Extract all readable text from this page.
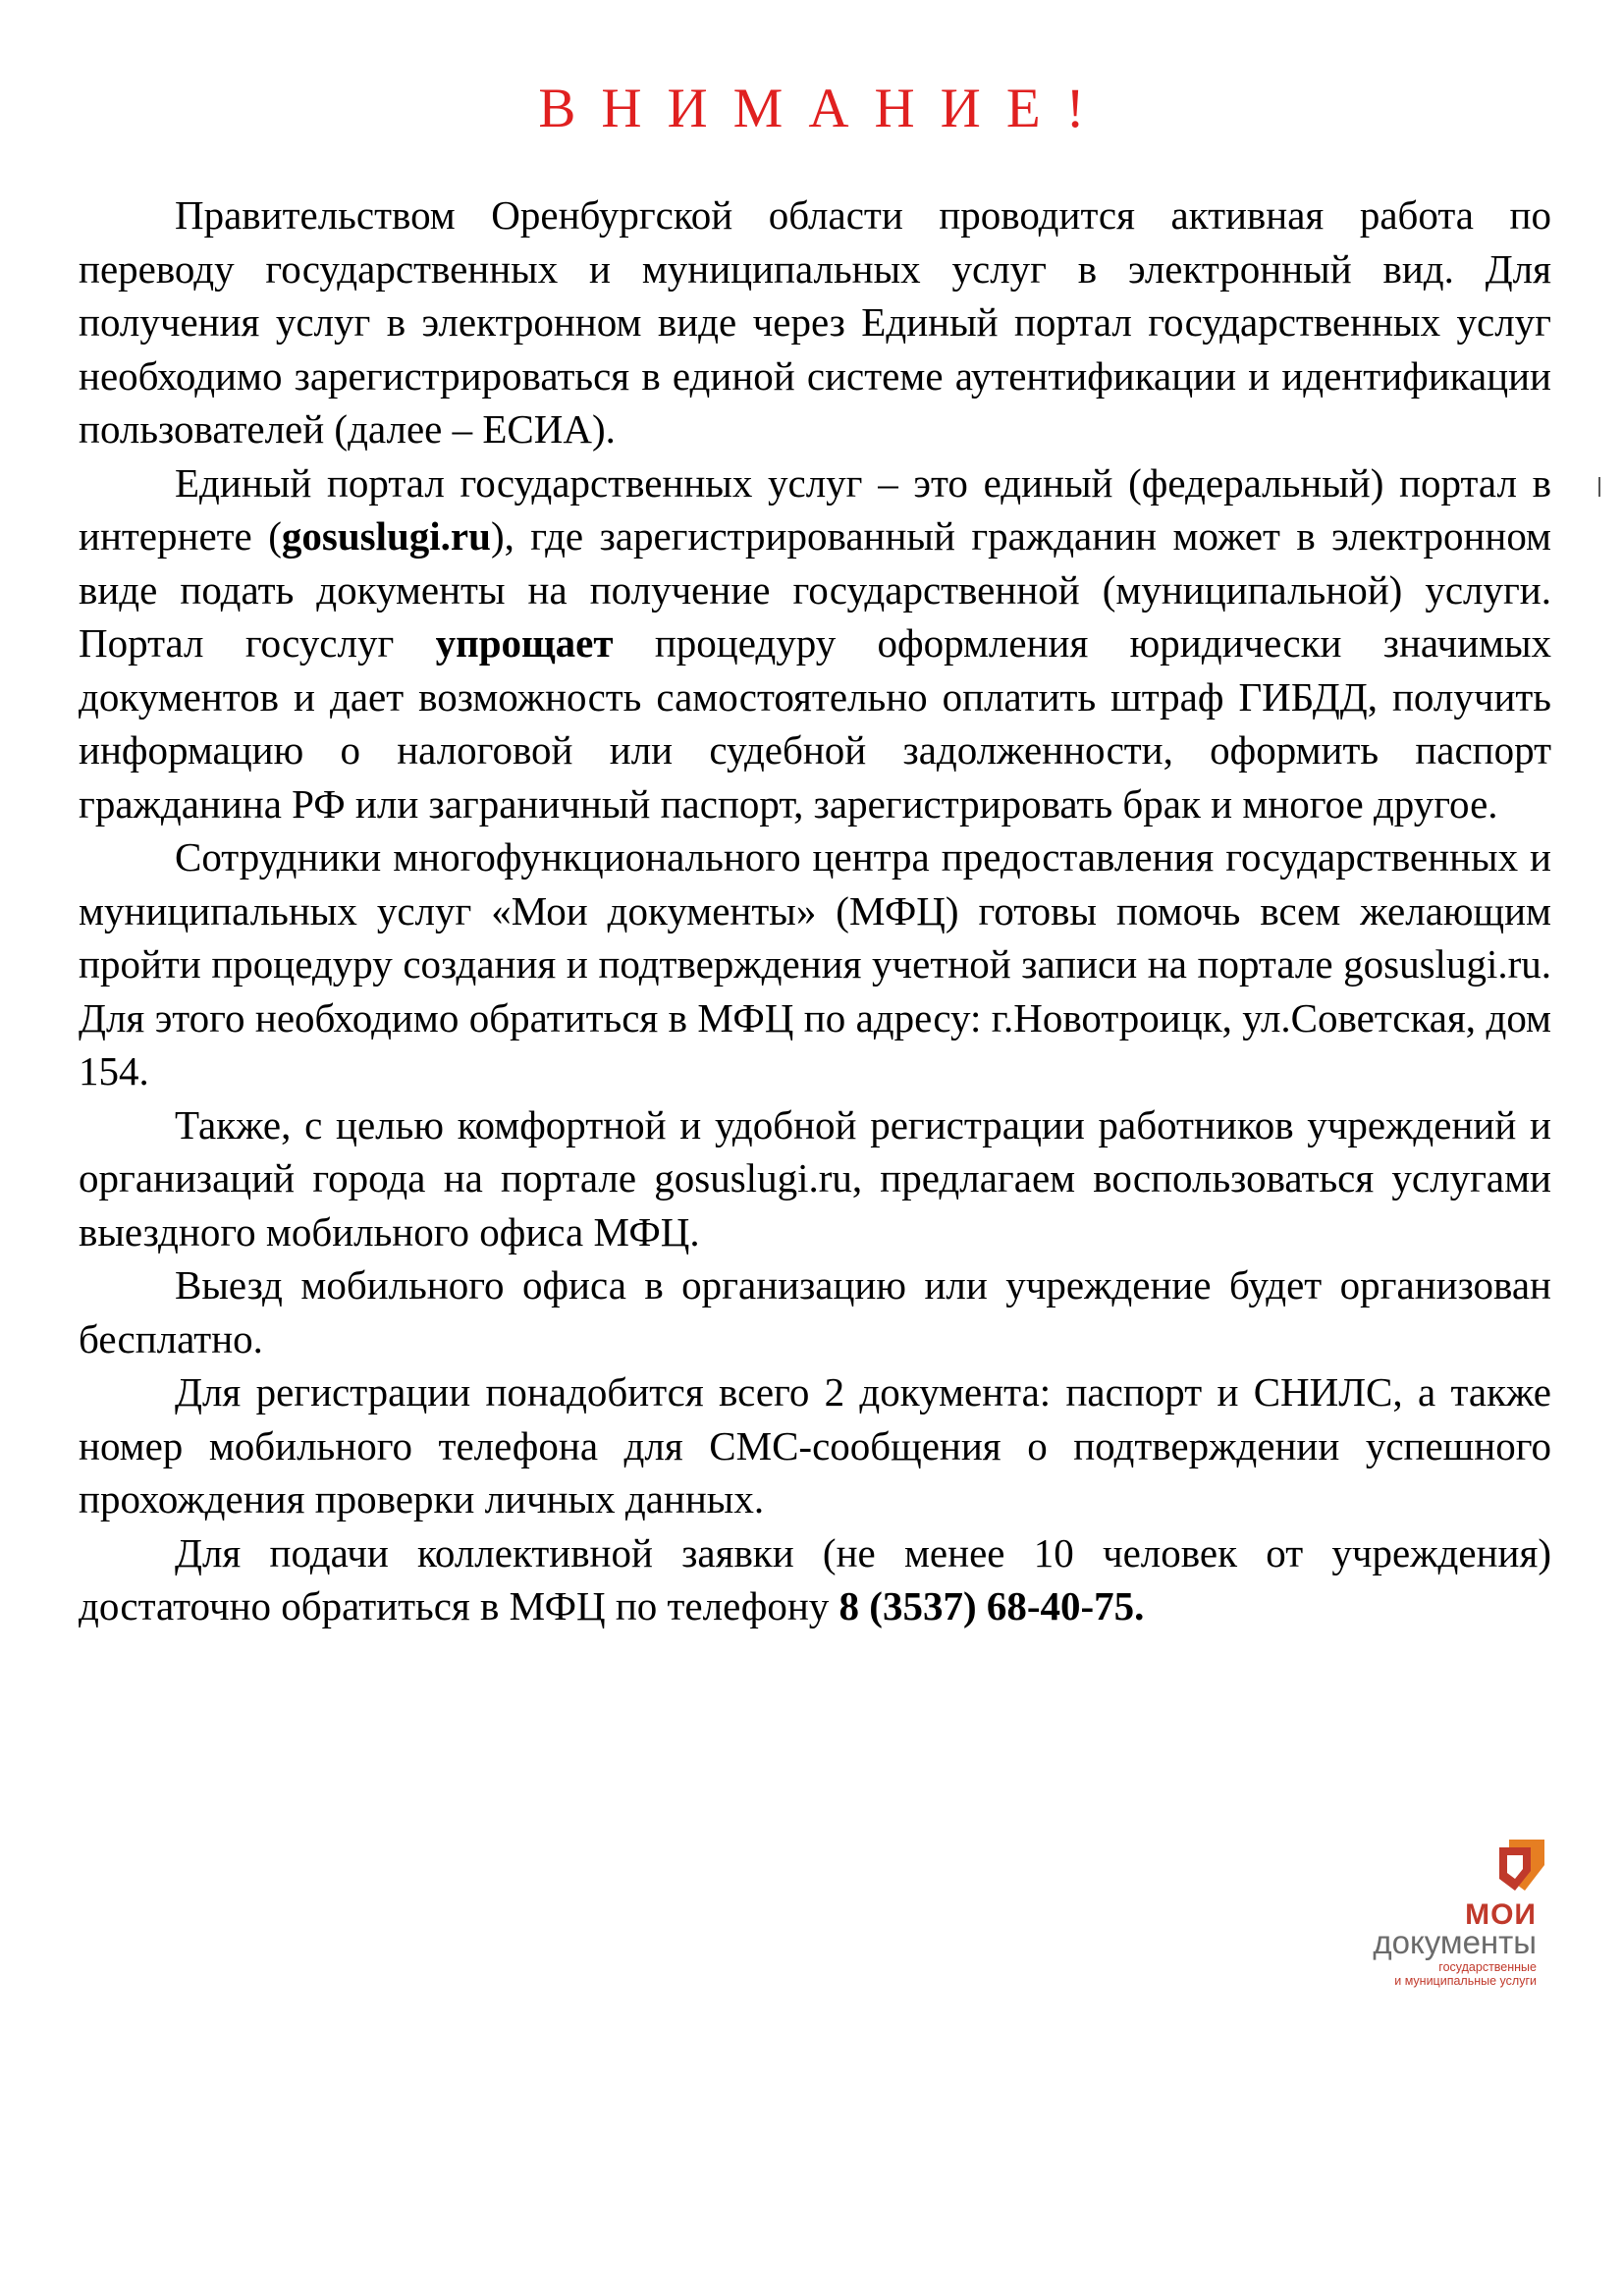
ВНИМАНИЕ!

Правительством Оренбургской области проводится активная работа по переводу государственных и муниципальных услуг в электронный вид. Для получения услуг в электронном виде через Единый портал государственных услуг необходимо зарегистрироваться в единой системе аутентификации и идентификации пользователей (далее – ЕСИА).

Единый портал государственных услуг – это единый (федеральный) портал в интернете (gosuslugi.ru), где зарегистрированный гражданин может в электронном виде подать документы на получение государственной (муниципальной) услуги. Портал госуслуг упрощает процедуру оформления юридически значимых документов и дает возможность самостоятельно оплатить штраф ГИБДД, получить информацию о налоговой или судебной задолженности, оформить паспорт гражданина РФ или заграничный паспорт, зарегистрировать брак и многое другое.

Сотрудники многофункционального центра предоставления государственных и муниципальных услуг «Мои документы» (МФЦ) готовы помочь всем желающим пройти процедуру создания и подтверждения учетной записи на портале gosuslugi.ru. Для этого необходимо обратиться в МФЦ по адресу: г.Новотроицк, ул.Советская, дом 154.

Также, с целью комфортной и удобной регистрации работников учреждений и организаций города на портале gosuslugi.ru, предлагаем воспользоваться услугами выездного мобильного офиса МФЦ.

Выезд мобильного офиса в организацию или учреждение будет организован бесплатно.

Для регистрации понадобится всего 2 документа: паспорт и СНИЛС, а также номер мобильного телефона для СМС-сообщения о подтверждении успешного прохождения проверки личных данных.

Для подачи коллективной заявки (не менее 10 человек от учреждения) достаточно обратиться в МФЦ по телефону 8 (3537) 68-40-75.

МОИ
документы
государственные
и муниципальные услуги
